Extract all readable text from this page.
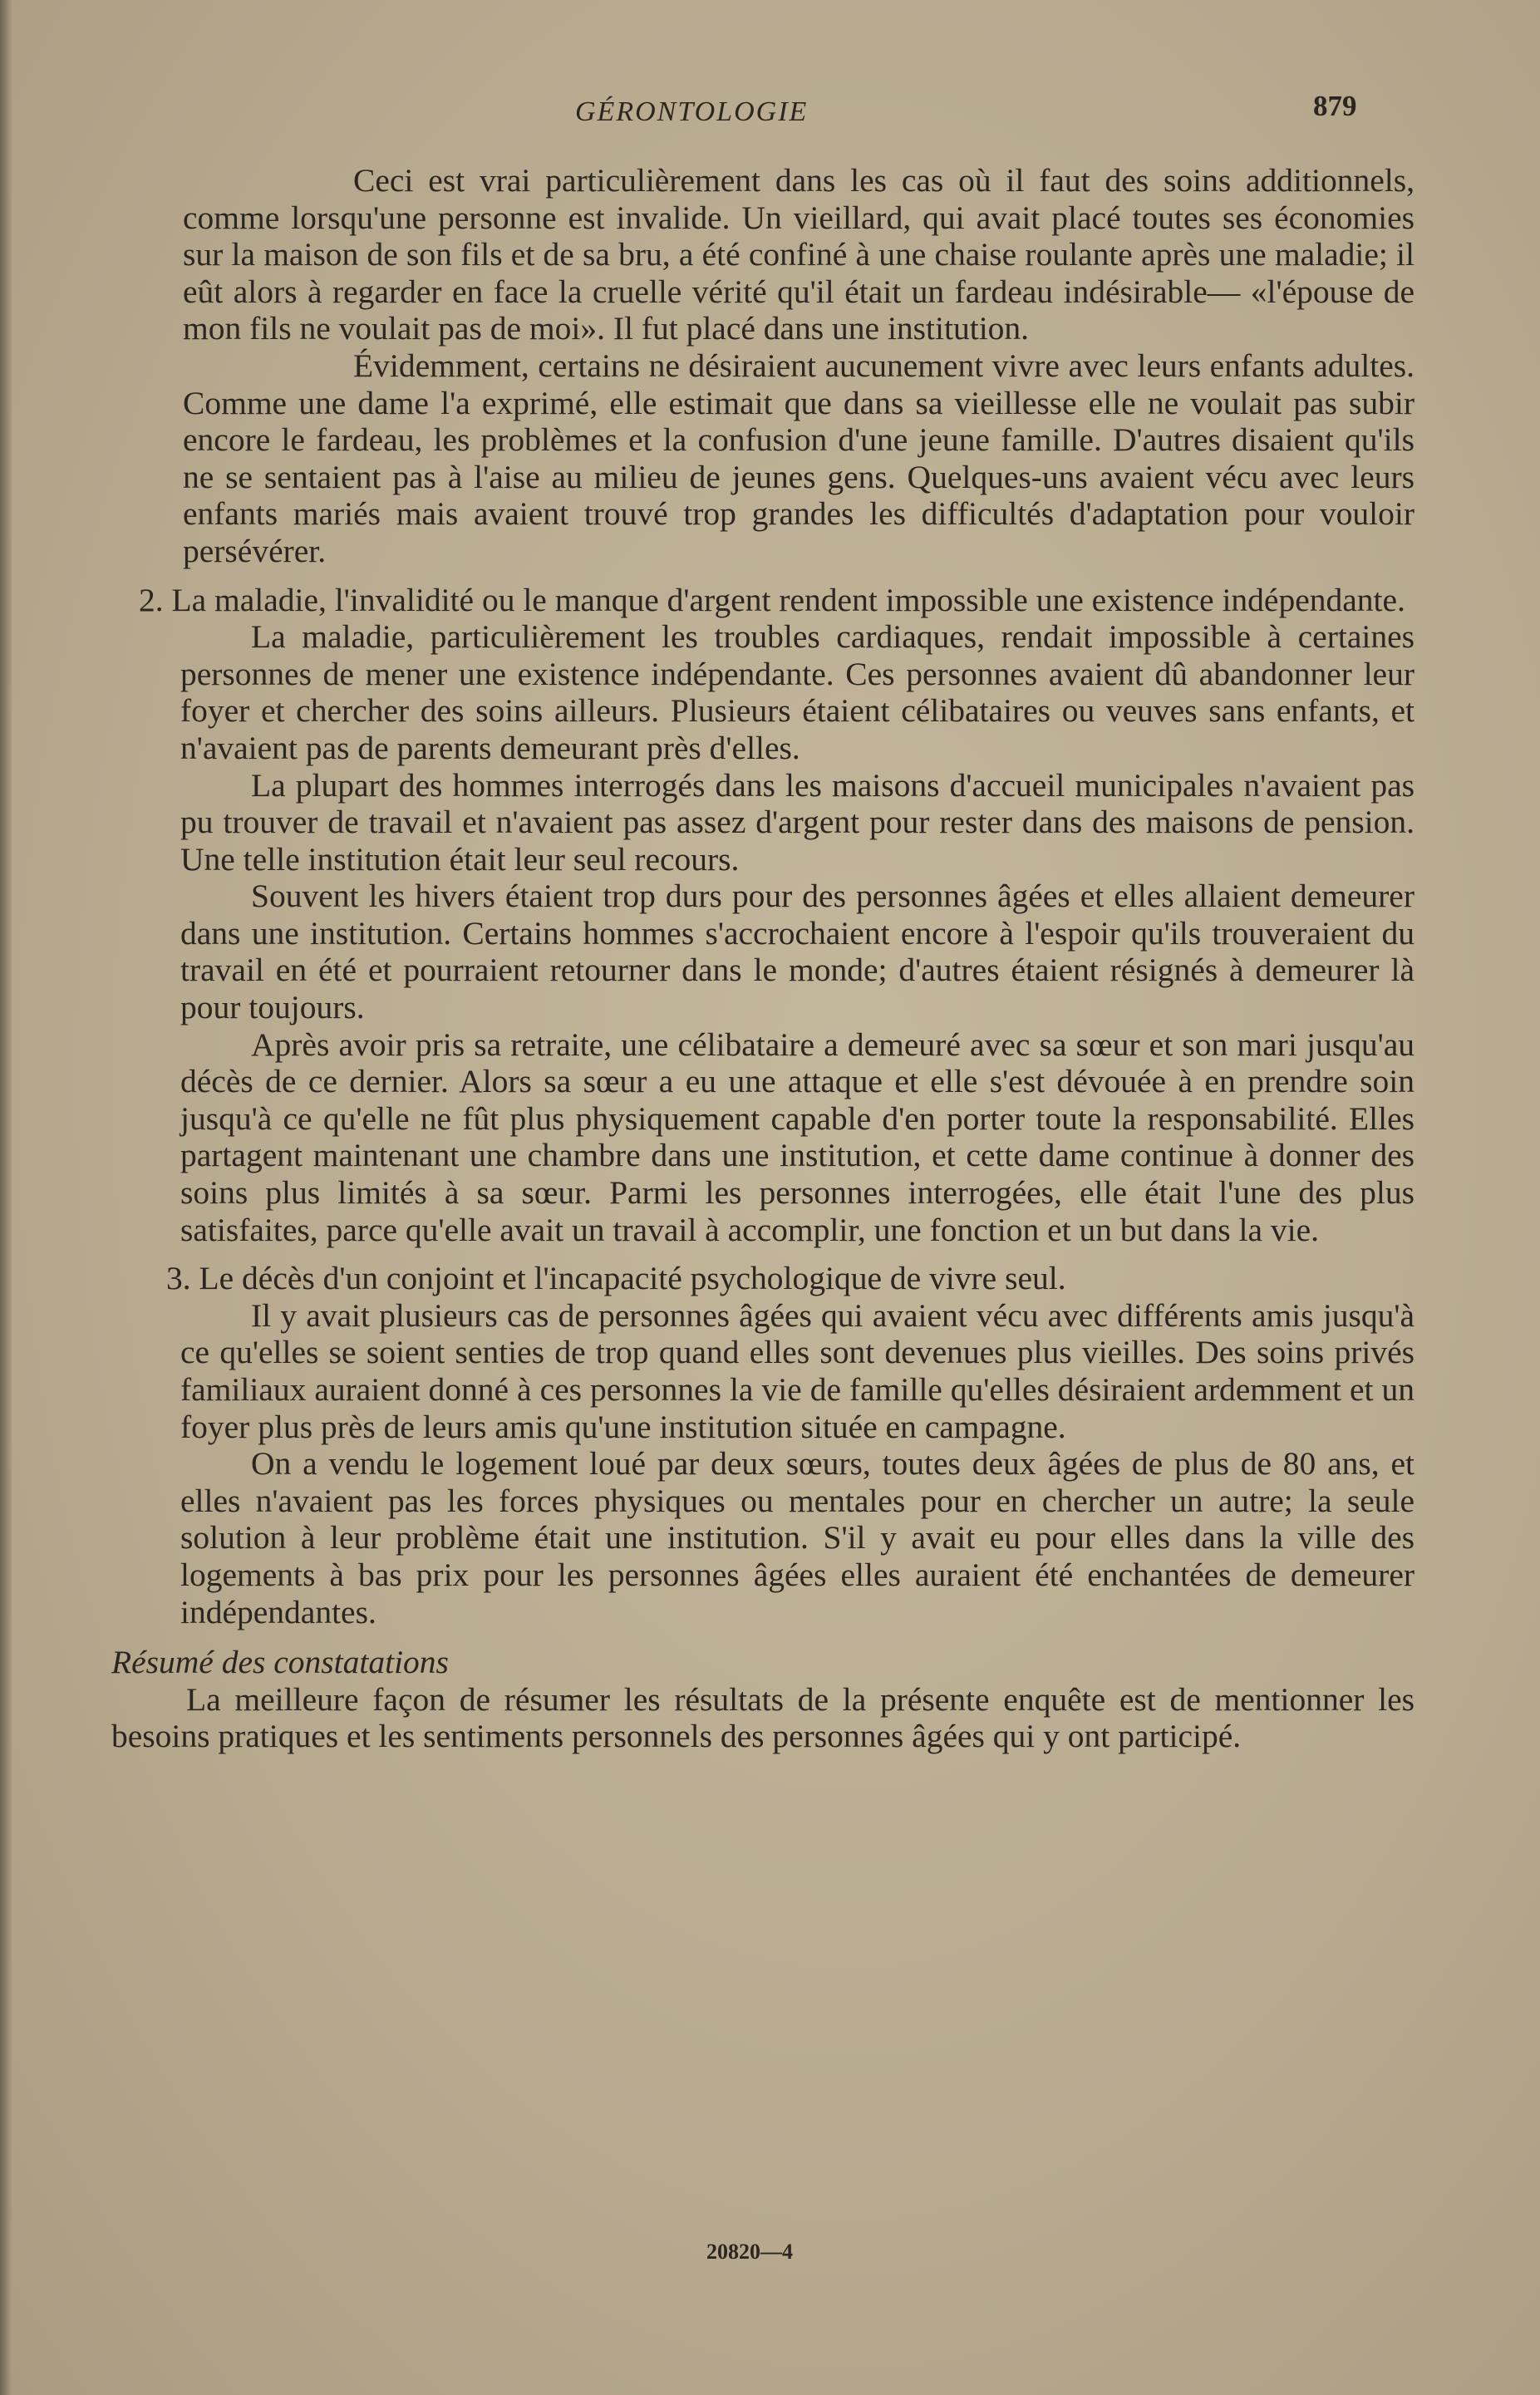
GÉRONTOLOGIE	879

Ceci est vrai particulièrement dans les cas où il faut des soins additionnels, comme lorsqu'une personne est invalide. Un vieillard, qui avait placé toutes ses économies sur la maison de son fils et de sa bru, a été confiné à une chaise roulante après une maladie; il eût alors à regarder en face la cruelle vérité qu'il était un fardeau indésirable— «l'épouse de mon fils ne voulait pas de moi». Il fut placé dans une institution.

Évidemment, certains ne désiraient aucunement vivre avec leurs enfants adultes. Comme une dame l'a exprimé, elle estimait que dans sa vieillesse elle ne voulait pas subir encore le fardeau, les problèmes et la confusion d'une jeune famille. D'autres disaient qu'ils ne se sentaient pas à l'aise au milieu de jeunes gens. Quelques-uns avaient vécu avec leurs enfants mariés mais avaient trouvé trop grandes les difficultés d'adaptation pour vouloir persévérer.

2. La maladie, l'invalidité ou le manque d'argent rendent impossible une existence indépendante.

La maladie, particulièrement les troubles cardiaques, rendait impossible à certaines personnes de mener une existence indépendante. Ces personnes avaient dû abandonner leur foyer et chercher des soins ailleurs. Plusieurs étaient célibataires ou veuves sans enfants, et n'avaient pas de parents demeurant près d'elles.

La plupart des hommes interrogés dans les maisons d'accueil municipales n'avaient pas pu trouver de travail et n'avaient pas assez d'argent pour rester dans des maisons de pension. Une telle institution était leur seul recours.

Souvent les hivers étaient trop durs pour des personnes âgées et elles allaient demeurer dans une institution. Certains hommes s'accrochaient encore à l'espoir qu'ils trouveraient du travail en été et pourraient retourner dans le monde; d'autres étaient résignés à demeurer là pour toujours.

Après avoir pris sa retraite, une célibataire a demeuré avec sa sœur et son mari jusqu'au décès de ce dernier. Alors sa sœur a eu une attaque et elle s'est dévouée à en prendre soin jusqu'à ce qu'elle ne fût plus physiquement capable d'en porter toute la responsabilité. Elles partagent maintenant une chambre dans une institution, et cette dame continue à donner des soins plus limités à sa sœur. Parmi les personnes interrogées, elle était l'une des plus satisfaites, parce qu'elle avait un travail à accomplir, une fonction et un but dans la vie.

3. Le décès d'un conjoint et l'incapacité psychologique de vivre seul.

Il y avait plusieurs cas de personnes âgées qui avaient vécu avec différents amis jusqu'à ce qu'elles se soient senties de trop quand elles sont devenues plus vieilles. Des soins privés familiaux auraient donné à ces personnes la vie de famille qu'elles désiraient ardemment et un foyer plus près de leurs amis qu'une institution située en campagne.

On a vendu le logement loué par deux sœurs, toutes deux âgées de plus de 80 ans, et elles n'avaient pas les forces physiques ou mentales pour en chercher un autre; la seule solution à leur problème était une institution. S'il y avait eu pour elles dans la ville des logements à bas prix pour les personnes âgées elles auraient été enchantées de demeurer indépendantes.

Résumé des constatations

La meilleure façon de résumer les résultats de la présente enquête est de mentionner les besoins pratiques et les sentiments personnels des personnes âgées qui y ont participé.

20820—4
